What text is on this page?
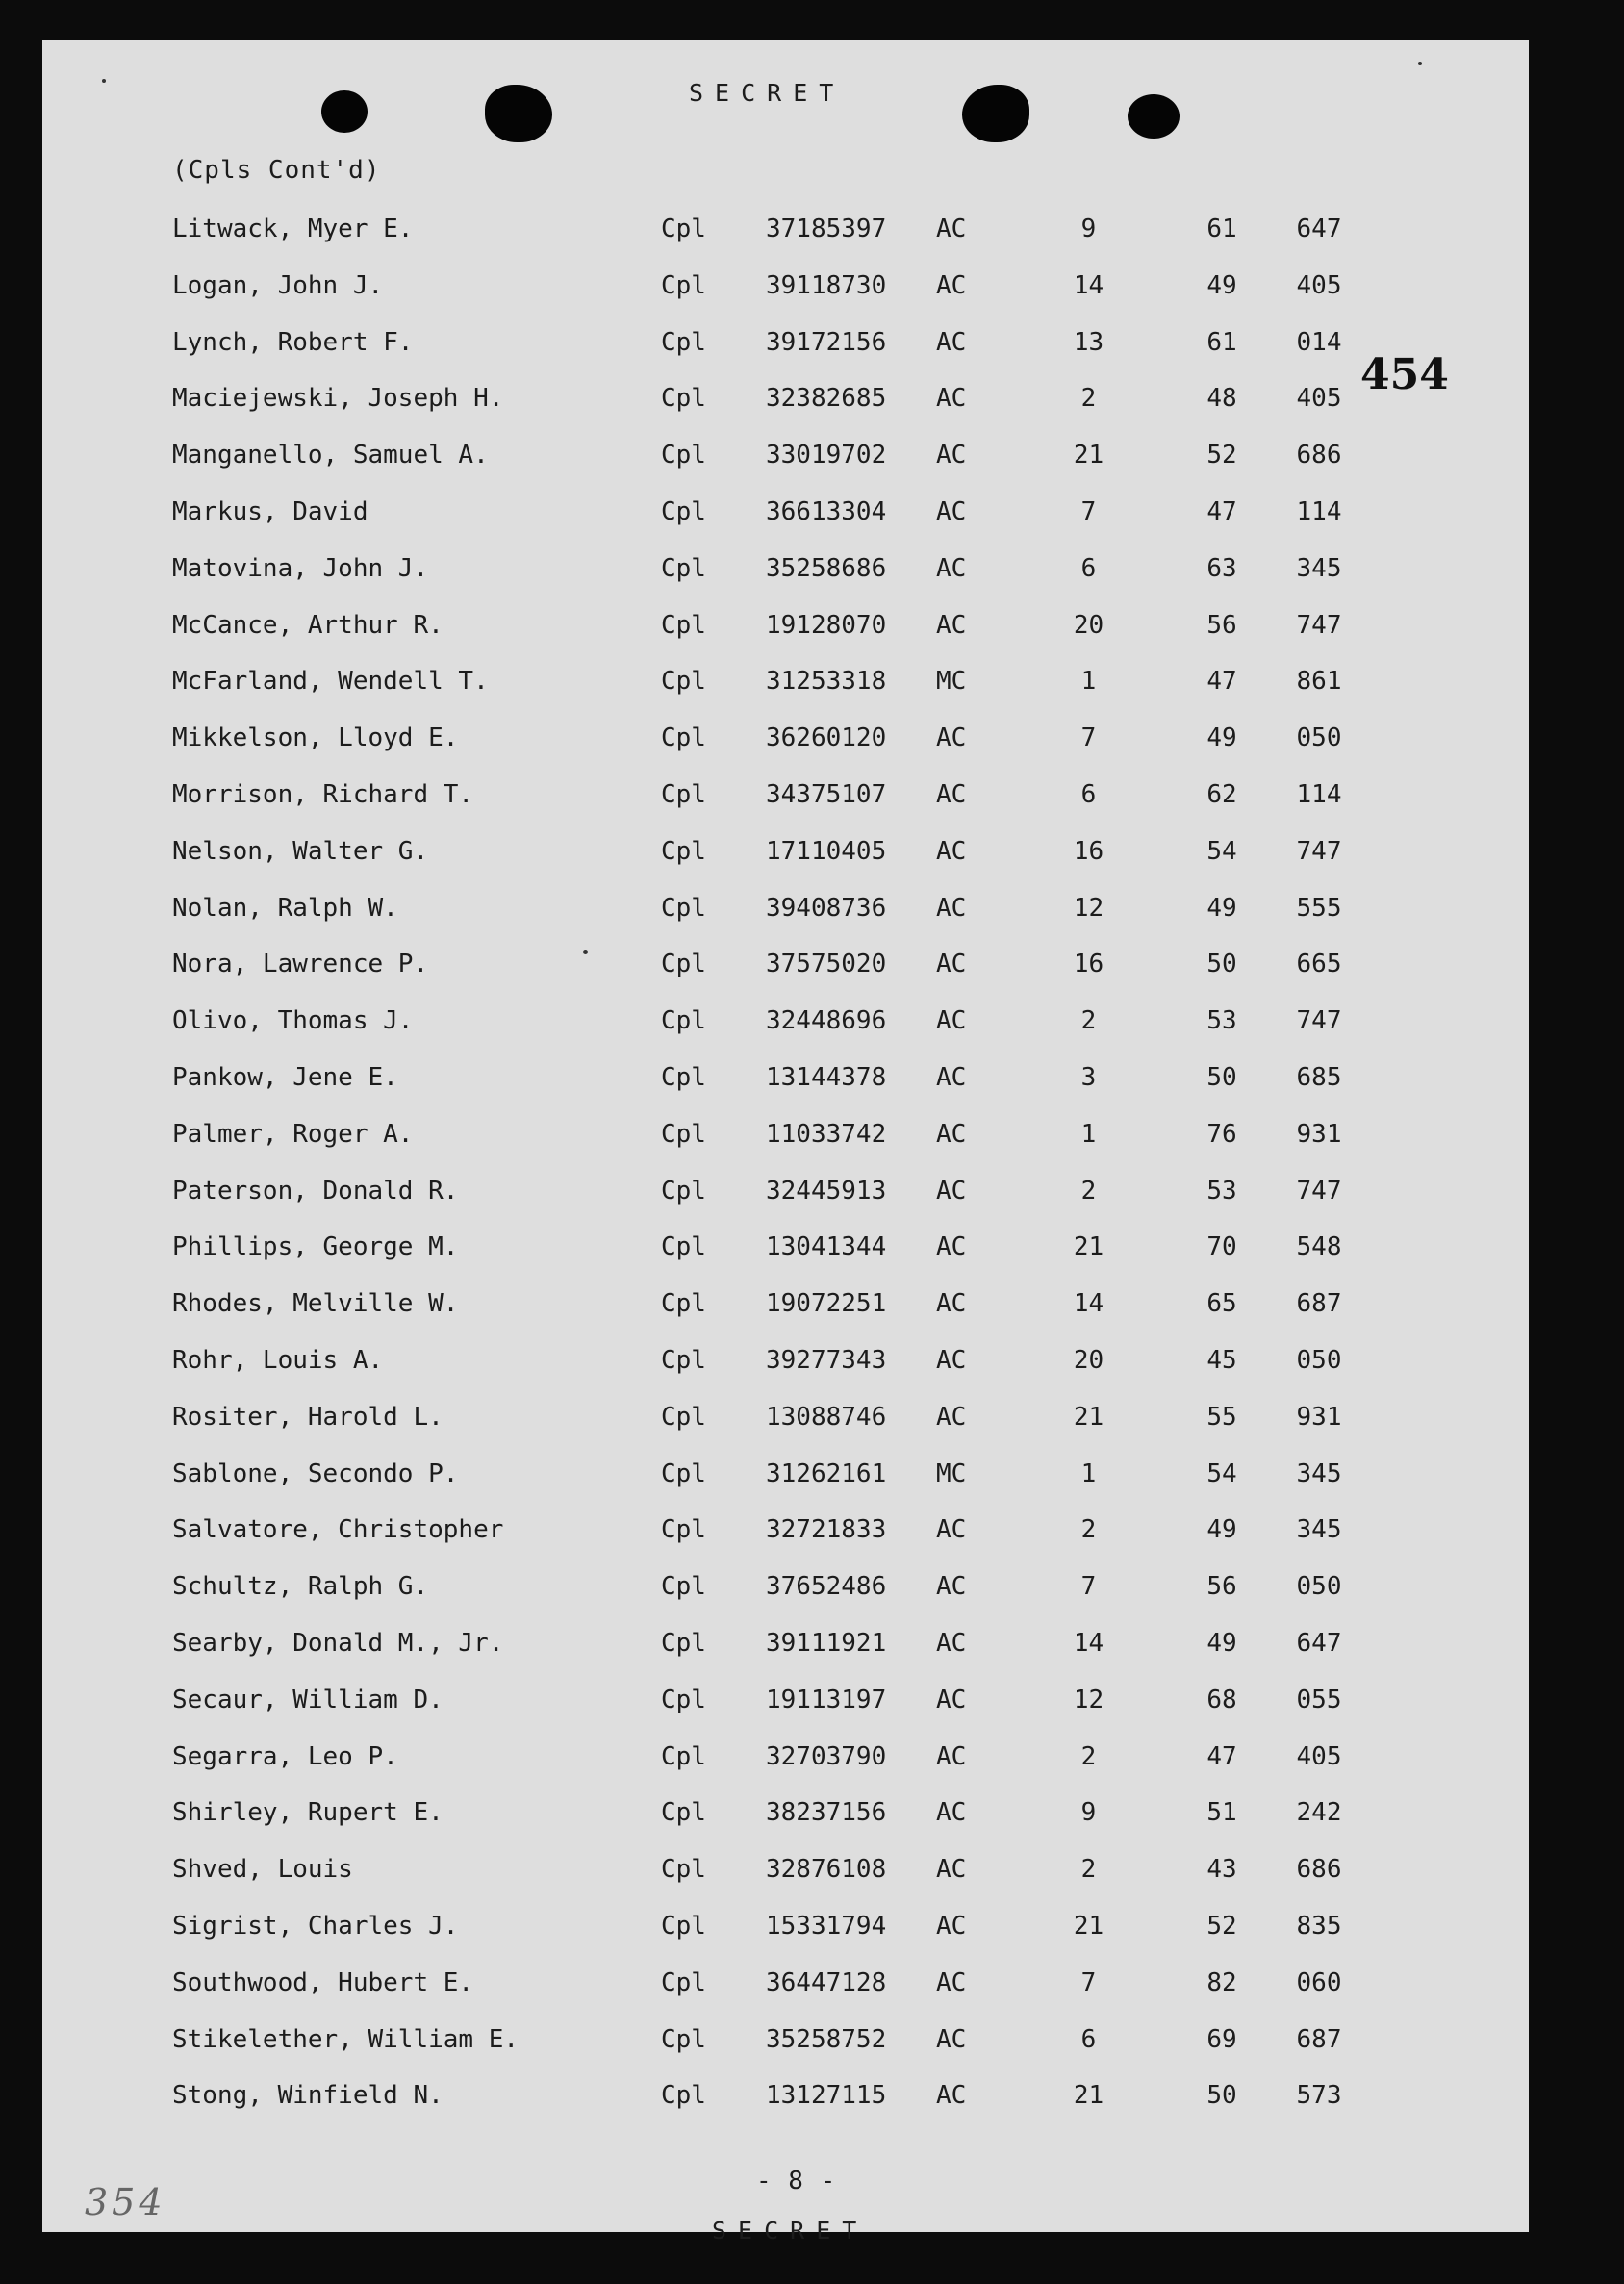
SECRET
(Cpls Cont'd)
454
Litwack, Myer E.	Cpl 37185397 AC	9	61	647
Logan, John J.	Cpl 39118730 AC	14	49	405
Lynch, Robert F.	Cpl 39172156 AC	13	61	014
Maciejewski, Joseph H.	Cpl 32382685 AC	2	48	405
Manganello, Samuel A.	Cpl 33019702 AC	21	52	686
Markus, David	Cpl 36613304 AC	7	47	114
Matovina, John J.	Cpl 35258686 AC	6	63	345
McCance, Arthur R.	Cpl 19128070 AC	20	56	747
McFarland, Wendell T.	Cpl 31253318 MC	1	47	861
Mikkelson, Lloyd E.	Cpl 36260120 AC	7	49	050
Morrison, Richard T.	Cpl 34375107 AC	6	62	114
Nelson, Walter G.	Cpl 17110405 AC	16	54	747
Nolan, Ralph W.	Cpl 39408736 AC	12	49	555
Nora, Lawrence P.	Cpl 37575020 AC	16	50	665
Olivo, Thomas J.	Cpl 32448696 AC	2	53	747
Pankow, Jene E.	Cpl 13144378 AC	3	50	685
Palmer, Roger A.	Cpl 11033742 AC	1	76	931
Paterson, Donald R.	Cpl 32445913 AC	2	53	747
Phillips, George M.	Cpl 13041344 AC	21	70	548
Rhodes, Melville W.	Cpl 19072251 AC	14	65	687
Rohr, Louis A.	Cpl 39277343 AC	20	45	050
Rositer, Harold L.	Cpl 13088746 AC	21	55	931
Sablone, Secondo P.	Cpl 31262161 MC	1	54	345
Salvatore, Christopher	Cpl 32721833 AC	2	49	345
Schultz, Ralph G.	Cpl 37652486 AC	7	56	050
Searby, Donald M., Jr.	Cpl 39111921 AC	14	49	647
Secaur, William D.	Cpl 19113197 AC	12	68	055
Segarra, Leo P.	Cpl 32703790 AC	2	47	405
Shirley, Rupert E.	Cpl 38237156 AC	9	51	242
Shved, Louis	Cpl 32876108 AC	2	43	686
Sigrist, Charles J.	Cpl 15331794 AC	21	52	835
Southwood, Hubert E.	Cpl 36447128 AC	7	82	060
Stikelether, William E.	Cpl 35258752 AC	6	69	687
Stong, Winfield N.	Cpl 13127115 AC	21	50	573
- 8 -
SECRET
354
